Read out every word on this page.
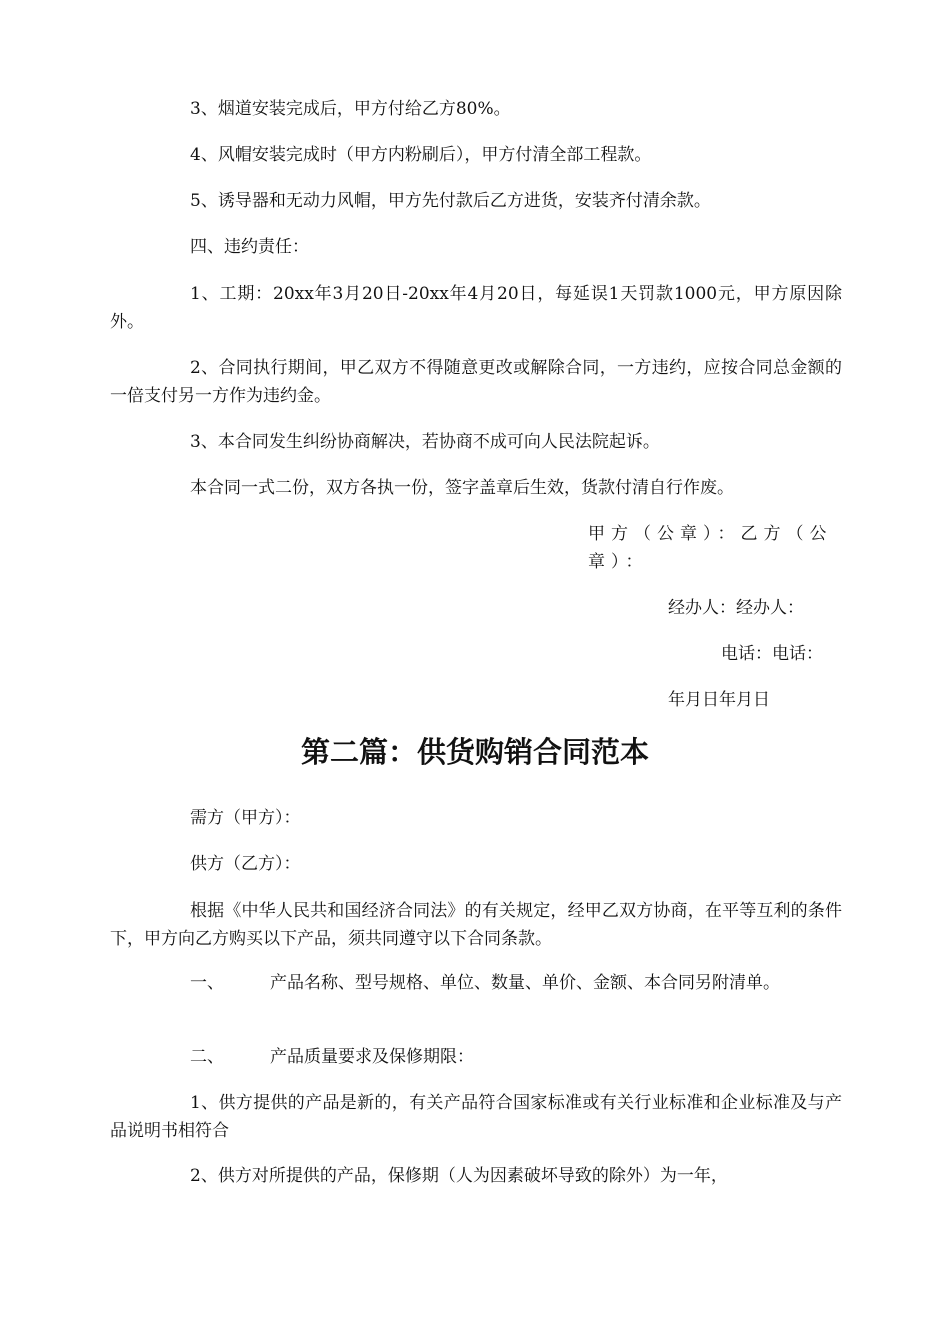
3、烟道安装完成后，甲方付给乙方80%。

4、风帽安装完成时（甲方内粉刷后），甲方付清全部工程款。

5、诱导器和无动力风帽，甲方先付款后乙方进货，安装齐付清余款。

四、违约责任：

1、工期：20xx年3月20日-20xx年4月20日，每延误1天罚款1000元，甲方原因除外。

2、合同执行期间，甲乙双方不得随意更改或解除合同，一方违约，应按合同总金额的一倍支付另一方作为违约金。

3、本合同发生纠纷协商解决，若协商不成可向人民法院起诉。

本合同一式二份，双方各执一份，签字盖章后生效，货款付清自行作废。

甲方（公章）：乙方（公章）：

经办人：经办人：

电话：电话：

年月日年月日

第二篇：供货购销合同范本

需方（甲方）：

供方（乙方）：

根据《中华人民共和国经济合同法》的有关规定，经甲乙双方协商，在平等互利的条件下，甲方向乙方购买以下产品，须共同遵守以下合同条款。

一、	产品名称、型号规格、单位、数量、单价、金额、本合同另附清单。

二、	产品质量要求及保修期限：

1、供方提供的产品是新的，有关产品符合国家标准或有关行业标准和企业标准及与产品说明书相符合

2、供方对所提供的产品，保修期（人为因素破坏导致的除外）为一年，
